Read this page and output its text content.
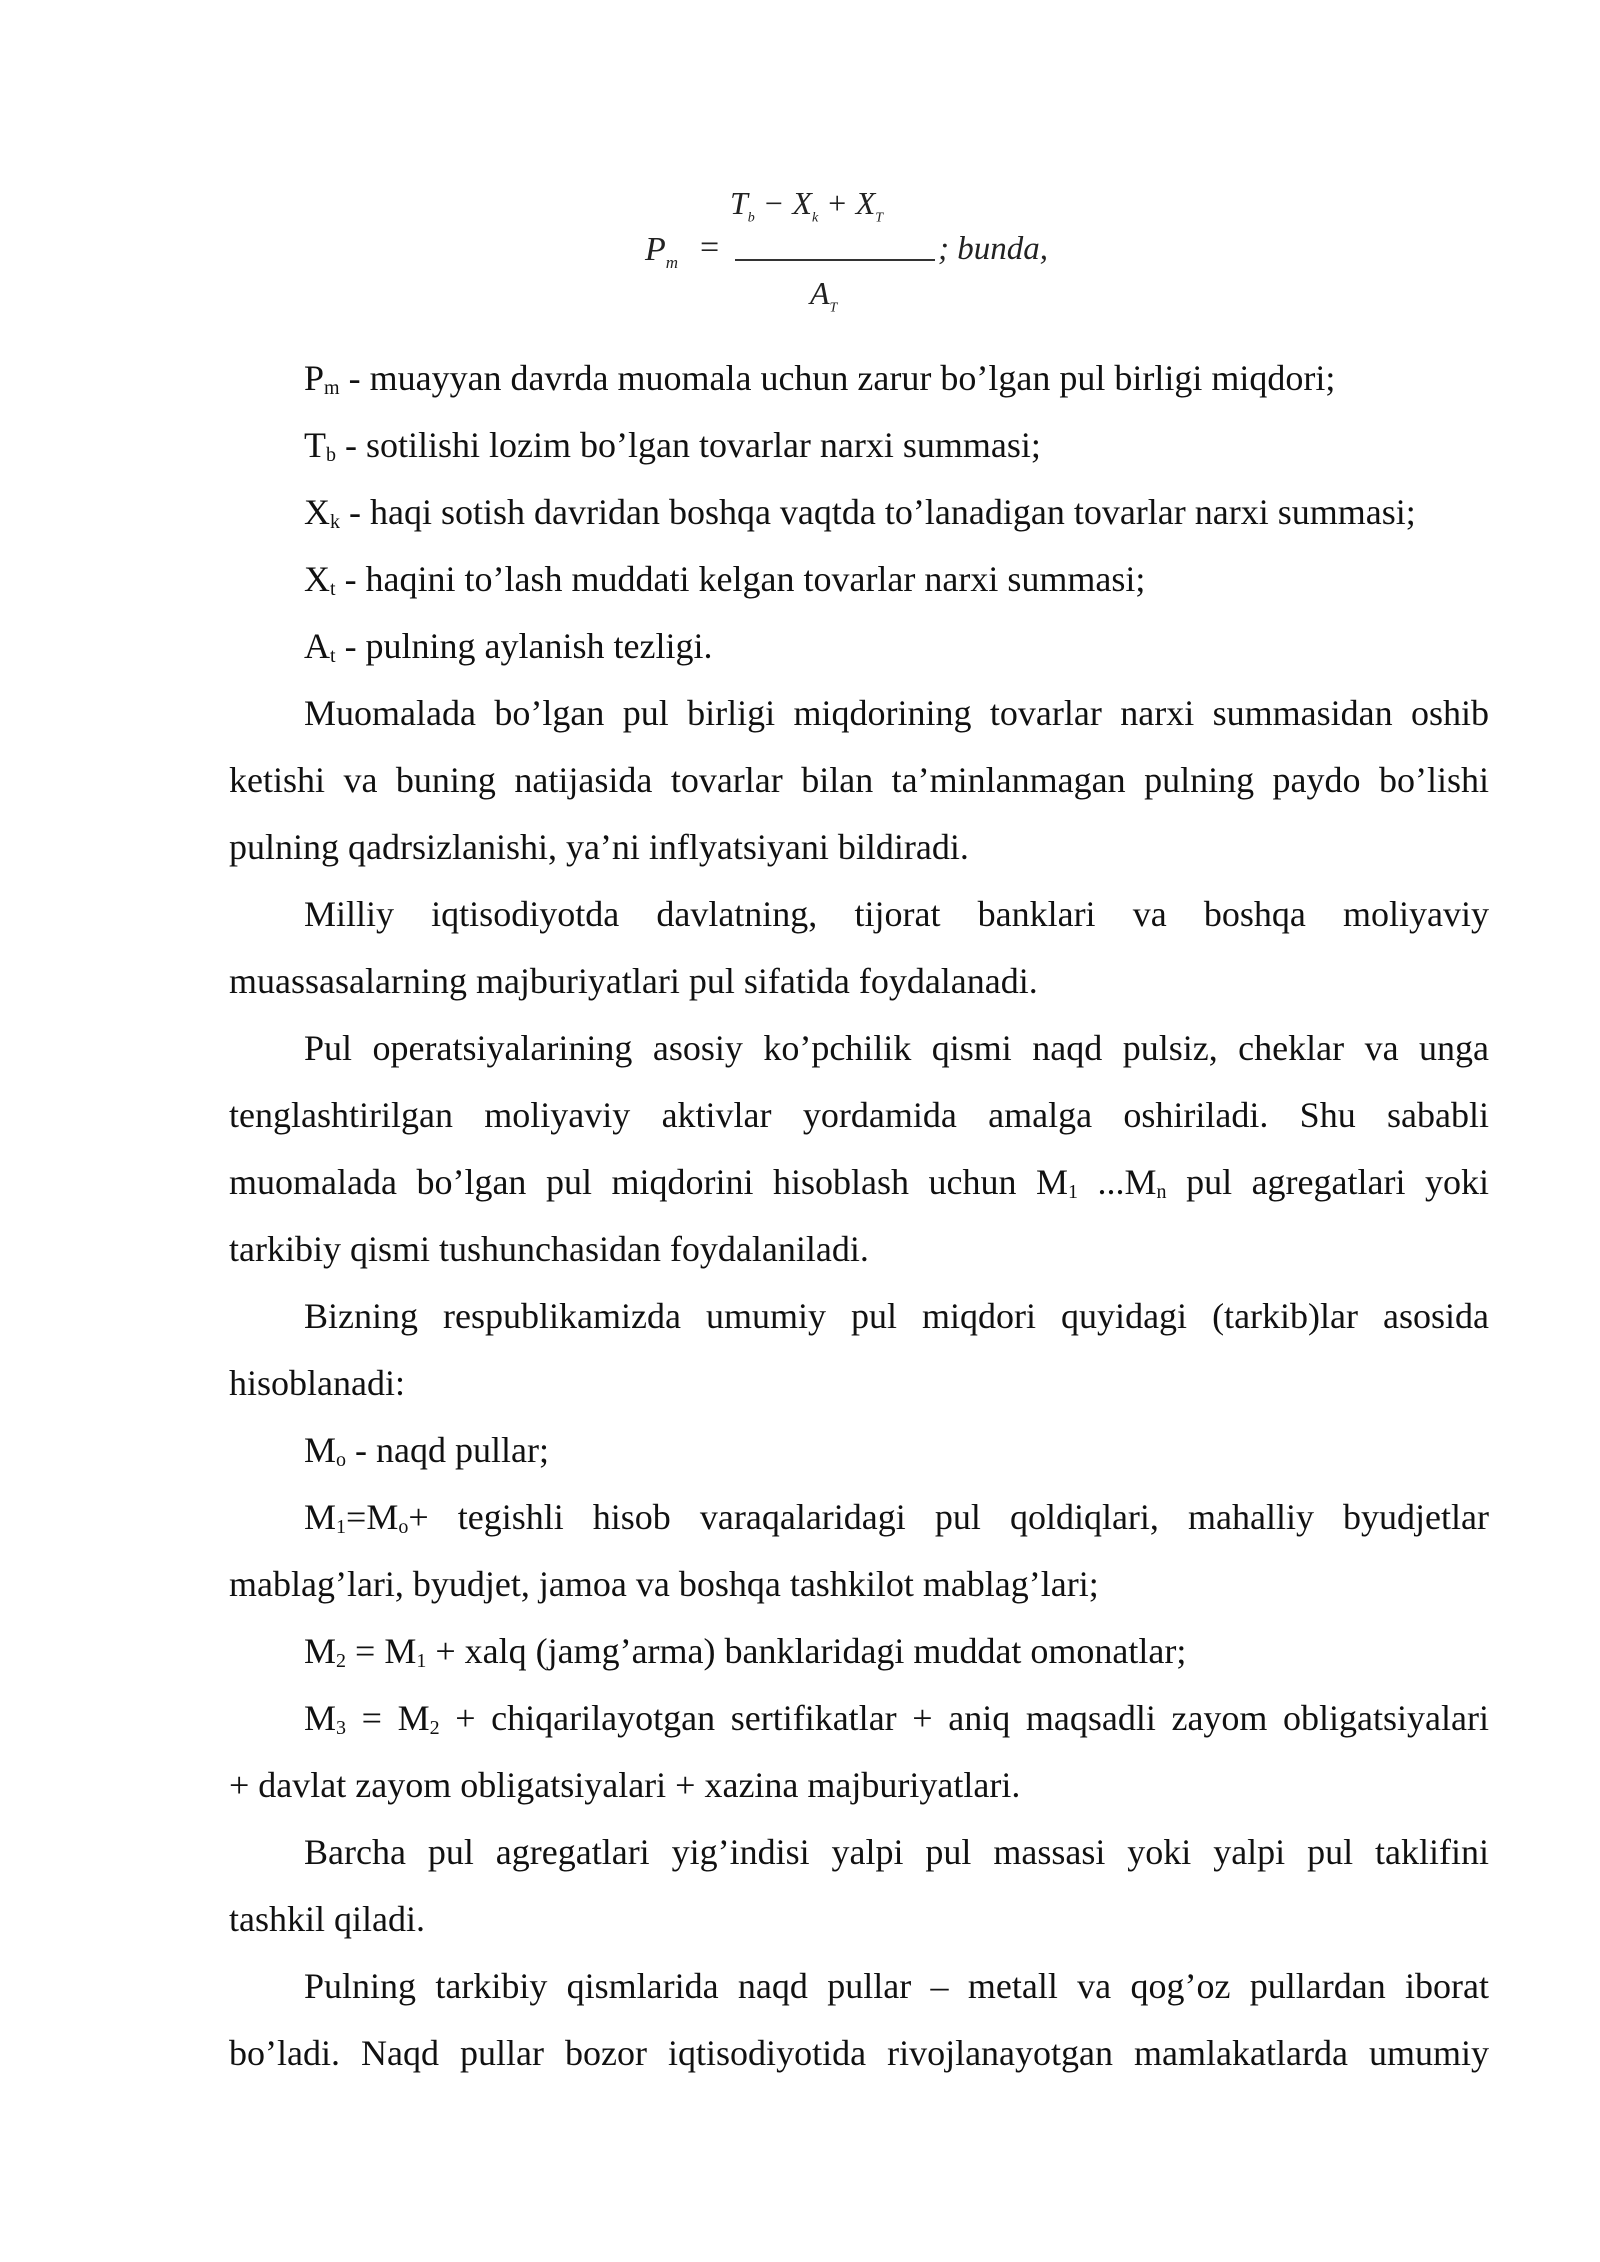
$P_m$ =
$T_b - X_k + X_T$
$A_T$
; bunda,

Pm - muayyan davrda muomala uchun zarur bo’lgan pul birligi miqdori;

Tb - sotilishi lozim bo’lgan tovarlar narxi summasi;

Xk - haqi sotish davridan boshqa vaqtda to’lanadigan tovarlar narxi summasi;

Xt - haqini to’lash muddati kelgan tovarlar narxi summasi;

At - pulning aylanish tezligi.

Muomalada bo’lgan pul birligi miqdorining tovarlar narxi summasidan oshib

ketishi va buning natijasida tovarlar bilan ta’minlanmagan pulning paydo bo’lishi

pulning qadrsizlanishi, ya’ni inflyatsiyani bildiradi.

Milliy iqtisodiyotda davlatning, tijorat banklari va boshqa moliyaviy

muassasalarning majburiyatlari pul sifatida foydalanadi.

Pul operatsiyalarining asosiy ko’pchilik qismi naqd pulsiz, cheklar va unga

tenglashtirilgan moliyaviy aktivlar yordamida amalga oshiriladi. Shu sababli

muomalada bo’lgan pul miqdorini hisoblash uchun M1 ...Mn pul agregatlari yoki

tarkibiy qismi tushunchasidan foydalaniladi.

Bizning respublikamizda umumiy pul miqdori quyidagi (tarkib)lar asosida

hisoblanadi:

Mo - naqd pullar;

M1=Mo+ tegishli hisob varaqalaridagi pul qoldiqlari, mahalliy byudjetlar

mablag’lari, byudjet, jamoa va boshqa tashkilot mablag’lari;

M2 = M1 + xalq (jamg’arma) banklaridagi muddat omonatlar;

M3 = M2 + chiqarilayotgan sertifikatlar + aniq maqsadli zayom obligatsiyalari

+ davlat zayom obligatsiyalari + xazina majburiyatlari.

Barcha pul agregatlari yig’indisi yalpi pul massasi yoki yalpi pul taklifini

tashkil qiladi.

Pulning tarkibiy qismlarida naqd pullar – metall va qog’oz pullardan iborat

bo’ladi. Naqd pullar bozor iqtisodiyotida rivojlanayotgan mamlakatlarda umumiy
